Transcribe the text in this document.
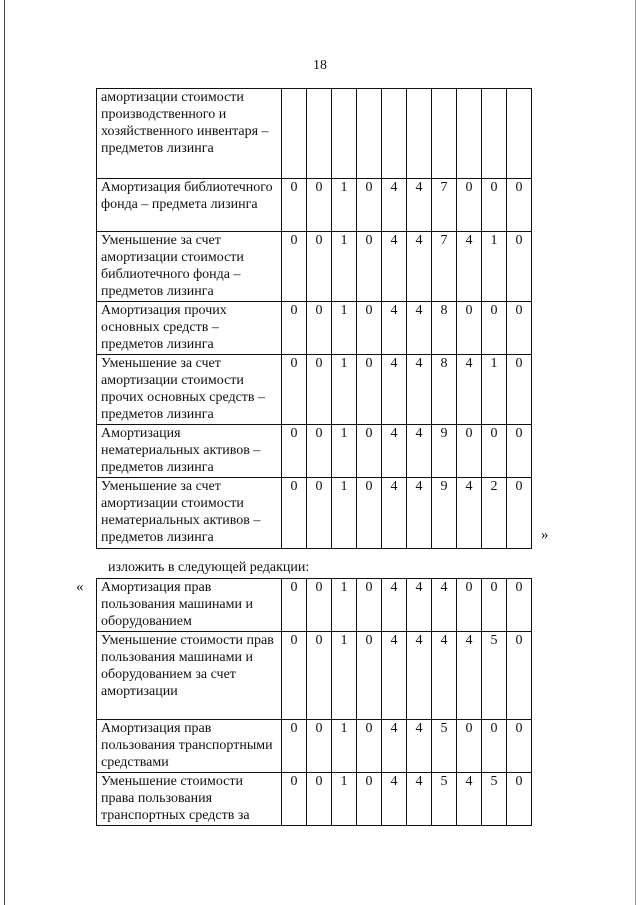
18
амортизации стоимости производственного и хозяйственного инвентаря – предметов лизинга										
Амортизация библиотечного фонда – предмета лизинга	0	0	1	0	4	4	7	0	0	0
Уменьшение за счет амортизации стоимости библиотечного фонда – предметов лизинга	0	0	1	0	4	4	7	4	1	0
Амортизация прочих основных средств – предметов лизинга	0	0	1	0	4	4	8	0	0	0
Уменьшение за счет амортизации стоимости прочих основных средств – предметов лизинга	0	0	1	0	4	4	8	4	1	0
Амортизация нематериальных активов – предметов лизинга	0	0	1	0	4	4	9	0	0	0
Уменьшение за счет амортизации стоимости нематериальных активов – предметов лизинга	0	0	1	0	4	4	9	4	2	0
»
изложить в следующей редакции:
« Амортизация прав пользования машинами и оборудованием	0	0	1	0	4	4	4	0	0	0
Уменьшение стоимости прав пользования машинами и оборудованием за счет амортизации	0	0	1	0	4	4	4	4	5	0
Амортизация прав пользования транспортными средствами	0	0	1	0	4	4	5	0	0	0
Уменьшение стоимости права пользования транспортных средств за	0	0	1	0	4	4	5	4	5	0
